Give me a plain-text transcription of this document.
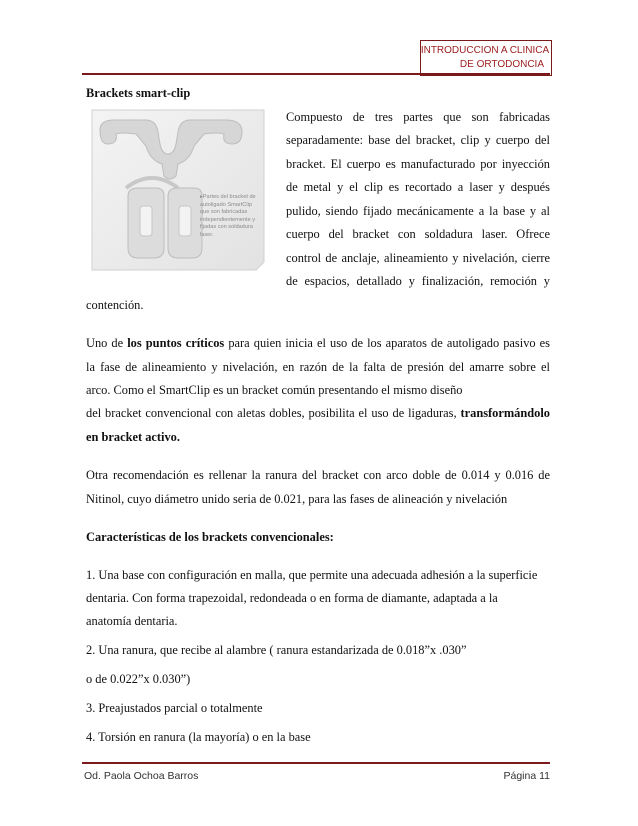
INTRODUCCION A CLINICA
DE ORTODONCIA
Brackets smart-clip
▸Partes del bracket de
autoligado SmartClip
que son fabricadas
independientemente y
fijadas con soldadura
laser.
Compuesto de tres partes que son fabricadas
separadamente: base del bracket, clip y cuerpo del
bracket. El cuerpo es manufacturado por inyección
de metal y el clip es recortado a laser y después
pulido, siendo fijado mecánicamente a la base y al
cuerpo del bracket con soldadura laser. Ofrece
control de anclaje, alineamiento y nivelación, cierre
de espacios, detallado y finalización, remoción y
contención.
Uno de los puntos críticos para quien inicia el uso de los aparatos de autoligado pasivo es
la fase de alineamiento y nivelación, en razón de la falta de presión del amarre sobre el
arco. Como el SmartClip es un bracket común presentando el mismo diseño
del bracket convencional con aletas dobles, posibilita el uso de ligaduras, transformándolo
en bracket activo.
Otra recomendación es rellenar la ranura del bracket con arco doble de 0.014 y 0.016 de
Nitinol, cuyo diámetro unido seria de 0.021, para las fases de alineación y nivelación
Características de los brackets convencionales:
1. Una base con configuración en malla, que permite una adecuada adhesión a la superficie
dentaria. Con forma trapezoidal, redondeada o en forma de diamante, adaptada a la
anatomía dentaria.
2. Una ranura, que recibe al alambre ( ranura estandarizada de 0.018”x .030”
o de 0.022”x 0.030”)
3. Preajustados parcial o totalmente
4. Torsión en ranura (la mayoría) o en la base
Od. Paola Ochoa Barros	Página 11
